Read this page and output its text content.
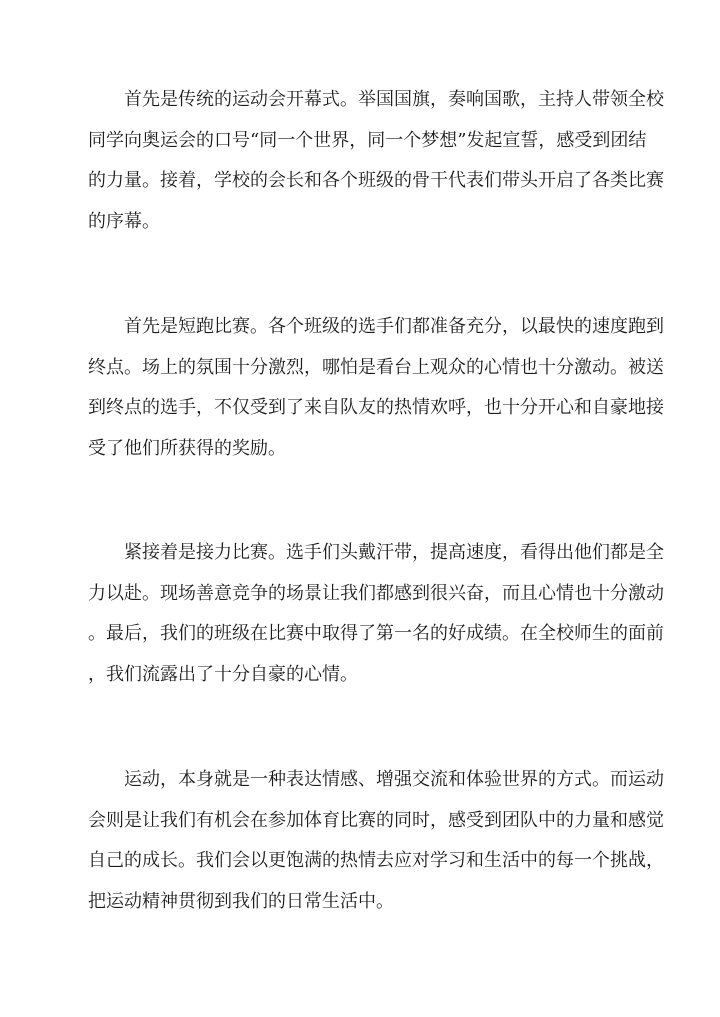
首先是传统的运动会开幕式。举国国旗，奏响国歌，主持人带领全校
同学向奥运会的口号“同一个世界，同一个梦想”发起宣誓，感受到团结
的力量。接着，学校的会长和各个班级的骨干代表们带头开启了各类比赛
的序幕。
首先是短跑比赛。各个班级的选手们都准备充分，以最快的速度跑到
终点。场上的氛围十分激烈，哪怕是看台上观众的心情也十分激动。被送
到终点的选手，不仅受到了来自队友的热情欢呼，也十分开心和自豪地接
受了他们所获得的奖励。
紧接着是接力比赛。选手们头戴汗带，提高速度，看得出他们都是全
力以赴。现场善意竞争的场景让我们都感到很兴奋，而且心情也十分激动
。最后，我们的班级在比赛中取得了第一名的好成绩。在全校师生的面前
，我们流露出了十分自豪的心情。
运动，本身就是一种表达情感、增强交流和体验世界的方式。而运动
会则是让我们有机会在参加体育比赛的同时，感受到团队中的力量和感觉
自己的成长。我们会以更饱满的热情去应对学习和生活中的每一个挑战，
把运动精神贯彻到我们的日常生活中。
